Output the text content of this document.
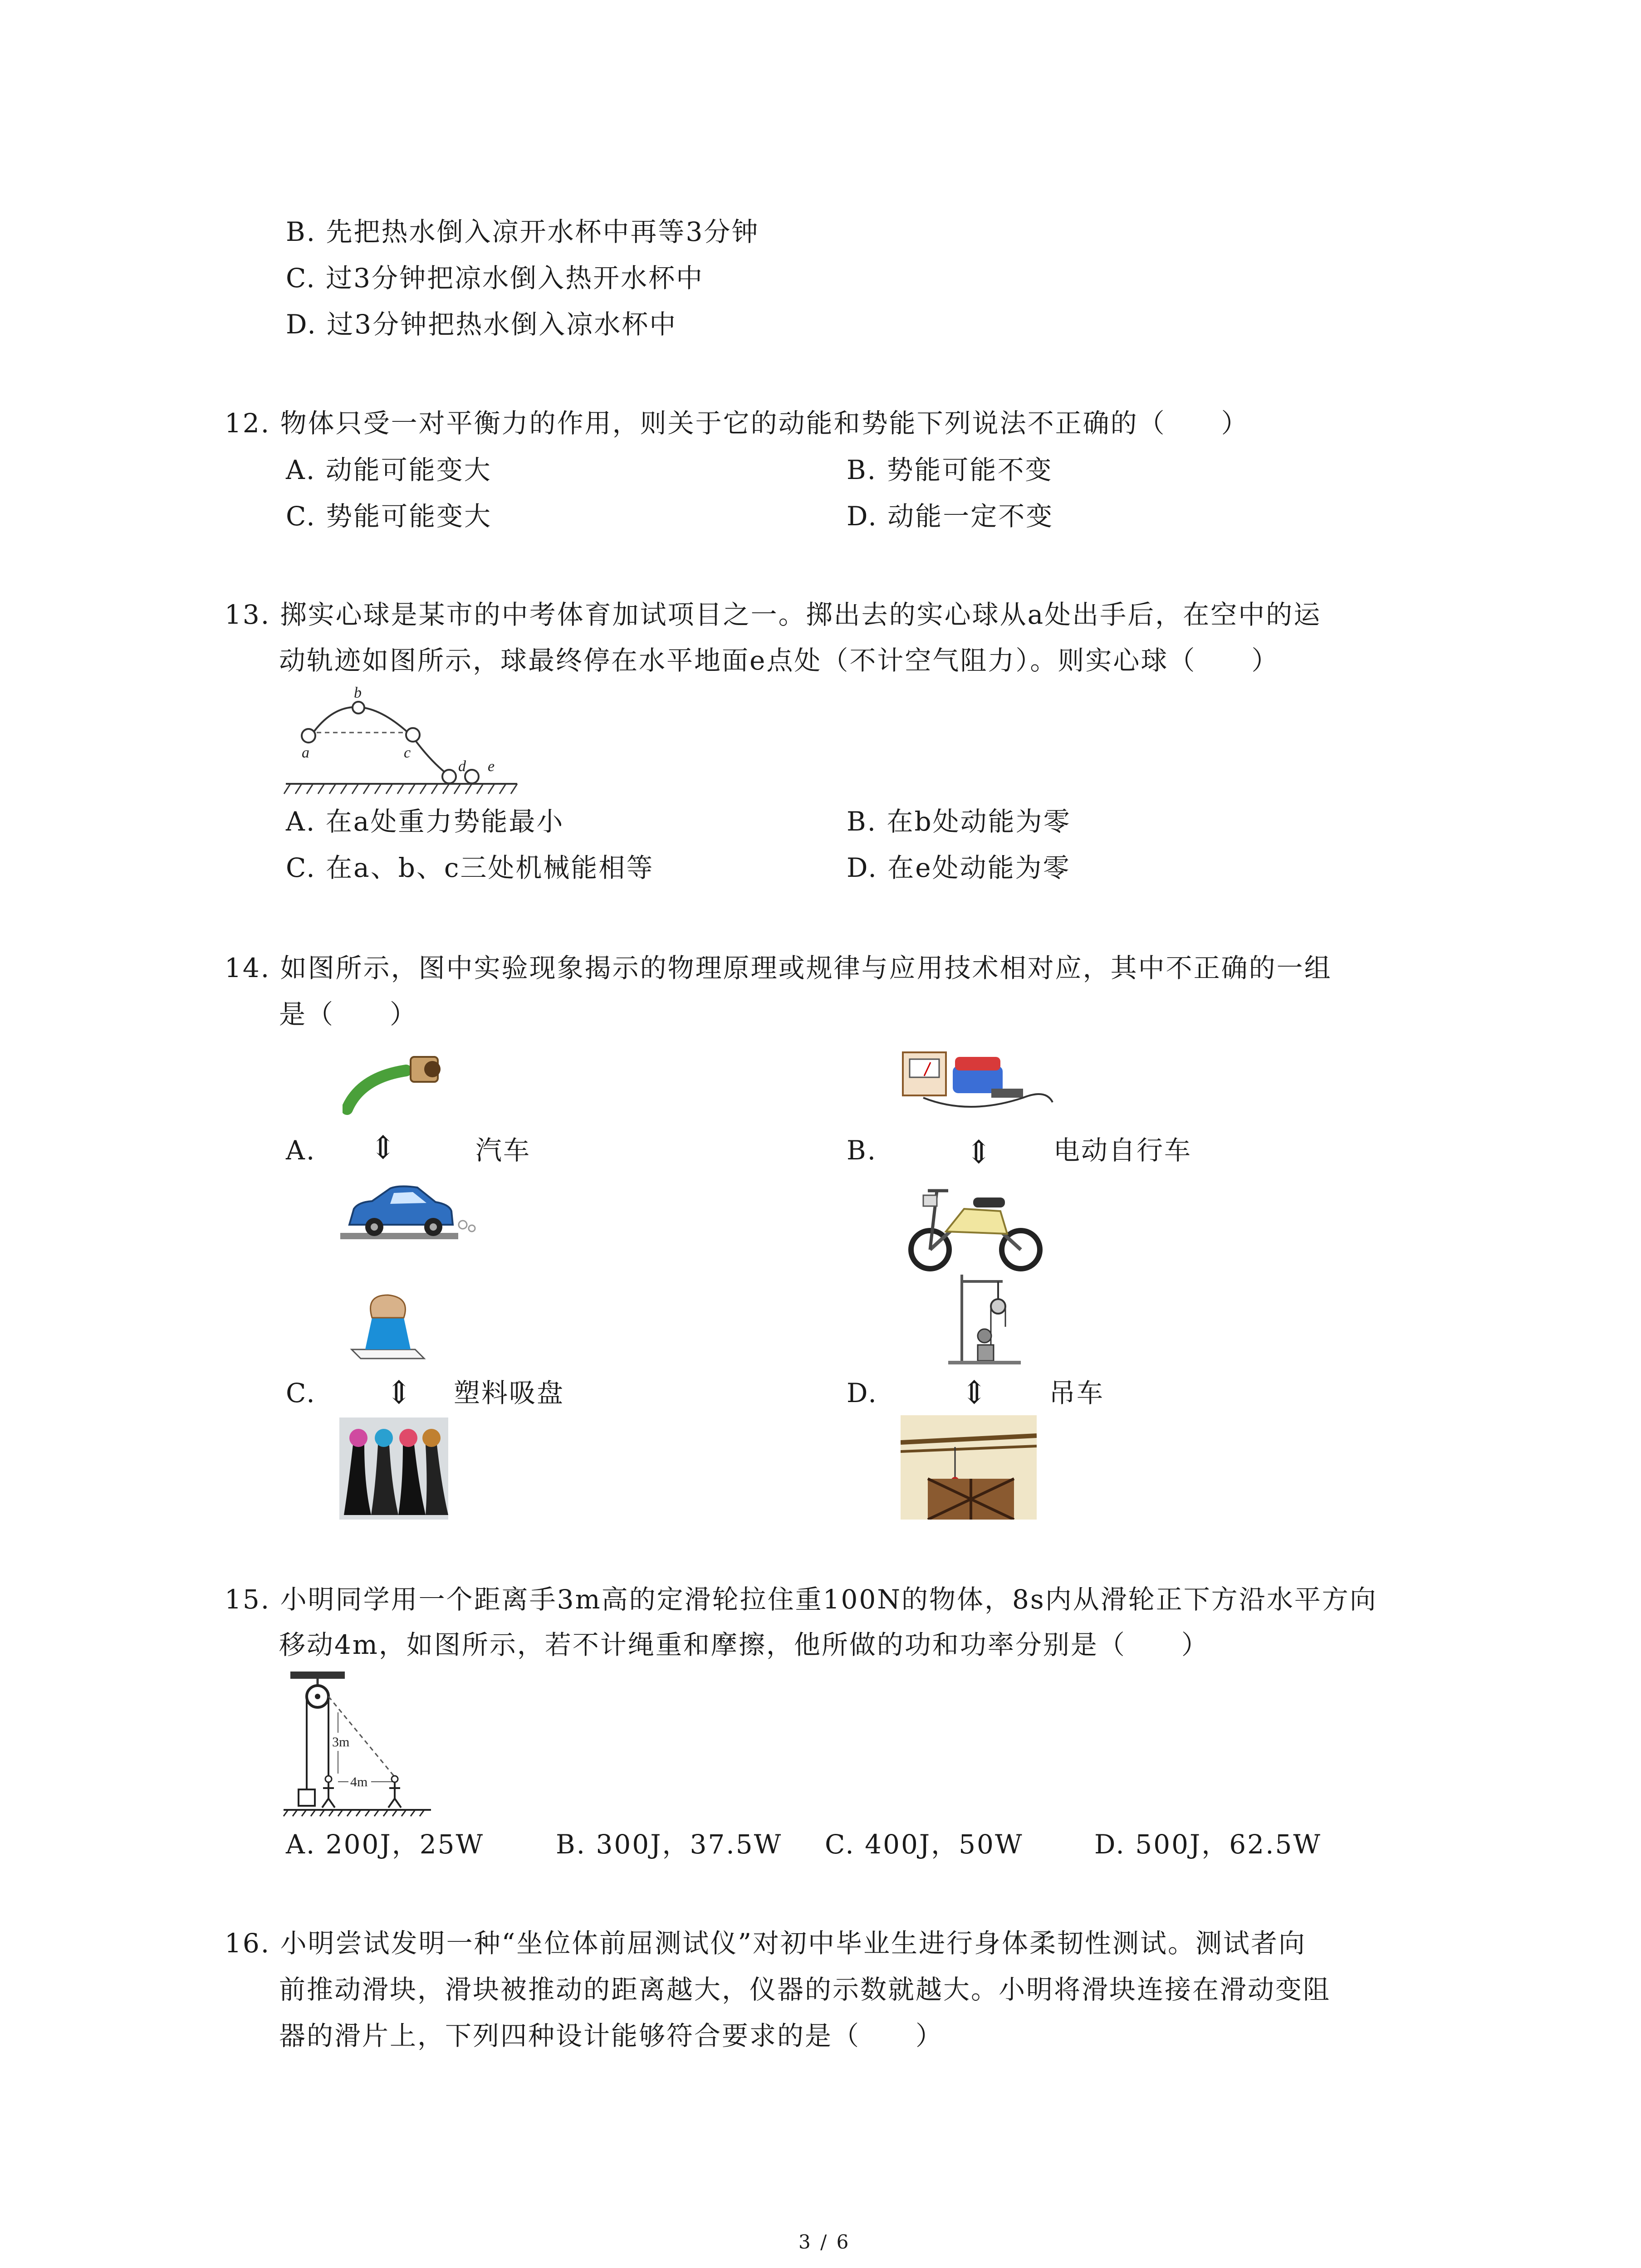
B. 先把热水倒入凉开水杯中再等3分钟
C. 过3分钟把凉水倒入热开水杯中
D. 过3分钟把热水倒入凉水杯中
12. 物体只受一对平衡力的作用，则关于它的动能和势能下列说法不正确的（　　）
A. 动能可能变大	B. 势能可能不变
C. 势能可能变大	D. 动能一定不变
13. 掷实心球是某市的中考体育加试项目之一。掷出去的实心球从a处出手后，在空中的运
动轨迹如图所示，球最终停在水平地面e点处（不计空气阻力）。则实心球（　　）
a
b
c
d e
A. 在a处重力势能最小	B. 在b处动能为零
C. 在a、b、c三处机械能相等	D. 在e处动能为零
14. 如图所示，图中实验现象揭示的物理原理或规律与应用技术相对应，其中不正确的一组
是（　　）
A. ⇕	汽车	B.	⇕ 电动自行车
C. ⇕ 塑料吸盘	D.	⇕ 吊车
15. 小明同学用一个距离手3m高的定滑轮拉住重100N的物体，8s内从滑轮正下方沿水平方向
移动4m，如图所示，若不计绳重和摩擦，他所做的功和功率分别是（　　）
3m
4m
A. 200J，25W	B. 300J，37.5W C. 400J，50W	D. 500J，62.5W
16. 小明尝试发明一种“坐位体前屈测试仪”对初中毕业生进行身体柔韧性测试。测试者向
前推动滑块，滑块被推动的距离越大，仪器的示数就越大。小明将滑块连接在滑动变阻
器的滑片上，下列四种设计能够符合要求的是（　　）
3 / 6
